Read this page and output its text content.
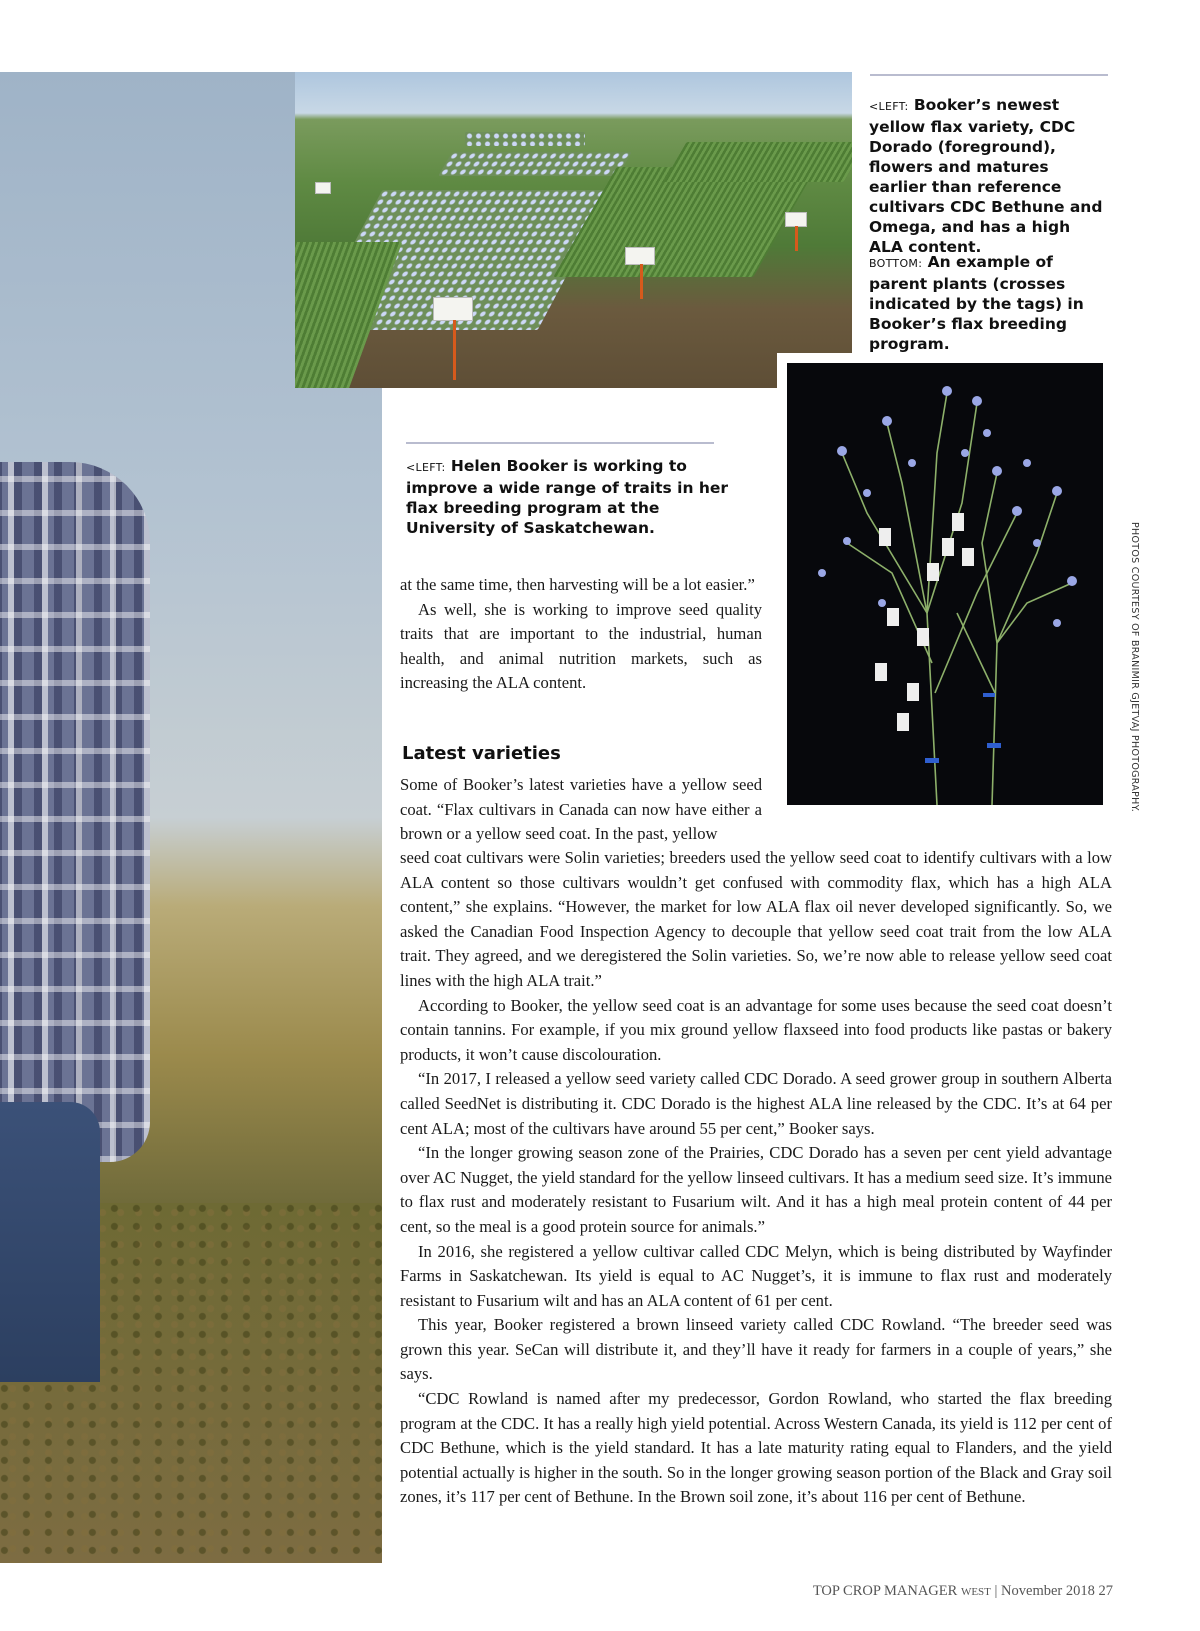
<LEFT: Booker’s newest yellow flax variety, CDC Dorado (foreground), flowers and matures earlier than reference cultivars CDC Bethune and Omega, and has a high ALA content.
BOTTOM: An example of parent plants (crosses indicated by the tags) in Booker’s flax breeding program.
<LEFT: Helen Booker is working to improve a wide range of traits in her flax breeding program at the University of Saskatchewan.	PHOTOS COURTESY OF BRANIMIR GJETVAJ PHOTOGRAPHY.

at the same time, then harvesting will be a lot easier.”

As well, she is working to improve seed quality traits that are important to the industrial, human health, and animal nutrition markets, such as increasing the ALA content.

Latest varieties

Some of Booker’s latest varieties have a yellow seed coat. “Flax cultivars in Canada can now have either a brown or a yellow seed coat. In the past, yellow

seed coat cultivars were Solin varieties; breeders used the yellow seed coat to identify cultivars with a low ALA content so those cultivars wouldn’t get confused with commodity flax, which has a high ALA content,” she explains. “However, the market for low ALA flax oil never developed significantly. So, we asked the Canadian Food Inspection Agency to decouple that yellow seed coat trait from the low ALA trait. They agreed, and we deregistered the Solin varieties. So, we’re now able to release yellow seed coat lines with the high ALA trait.”

According to Booker, the yellow seed coat is an advantage for some uses because the seed coat doesn’t contain tannins. For example, if you mix ground yellow flaxseed into food products like pastas or bakery products, it won’t cause discolouration.

“In 2017, I released a yellow seed variety called CDC Dorado. A seed grower group in southern Alberta called SeedNet is distributing it. CDC Dorado is the highest ALA line released by the CDC. It’s at 64 per cent ALA; most of the cultivars have around 55 per cent,” Booker says.

“In the longer growing season zone of the Prairies, CDC Dorado has a seven per cent yield advantage over AC Nugget, the yield standard for the yellow linseed cultivars. It has a medium seed size. It’s immune to flax rust and moderately resistant to Fusarium wilt. And it has a high meal protein content of 44 per cent, so the meal is a good protein source for animals.”

In 2016, she registered a yellow cultivar called CDC Melyn, which is being distributed by Wayfinder Farms in Saskatchewan. Its yield is equal to AC Nugget’s, it is immune to flax rust and moderately resistant to Fusarium wilt and has an ALA content of 61 per cent.

This year, Booker registered a brown linseed variety called CDC Rowland. “The breeder seed was grown this year. SeCan will distribute it, and they’ll have it ready for farmers in a couple of years,” she says.

“CDC Rowland is named after my predecessor, Gordon Rowland, who started the flax breeding program at the CDC. It has a really high yield potential. Across Western Canada, its yield is 112 per cent of CDC Bethune, which is the yield standard. It has a late maturity rating equal to Flanders, and the yield potential actually is higher in the south. So in the longer growing season portion of the Black and Gray soil zones, it’s 117 per cent of Bethune. In the Brown soil zone, it’s about 116 per cent of Bethune.

TOP CROP MANAGER WEST | November 2018 27
